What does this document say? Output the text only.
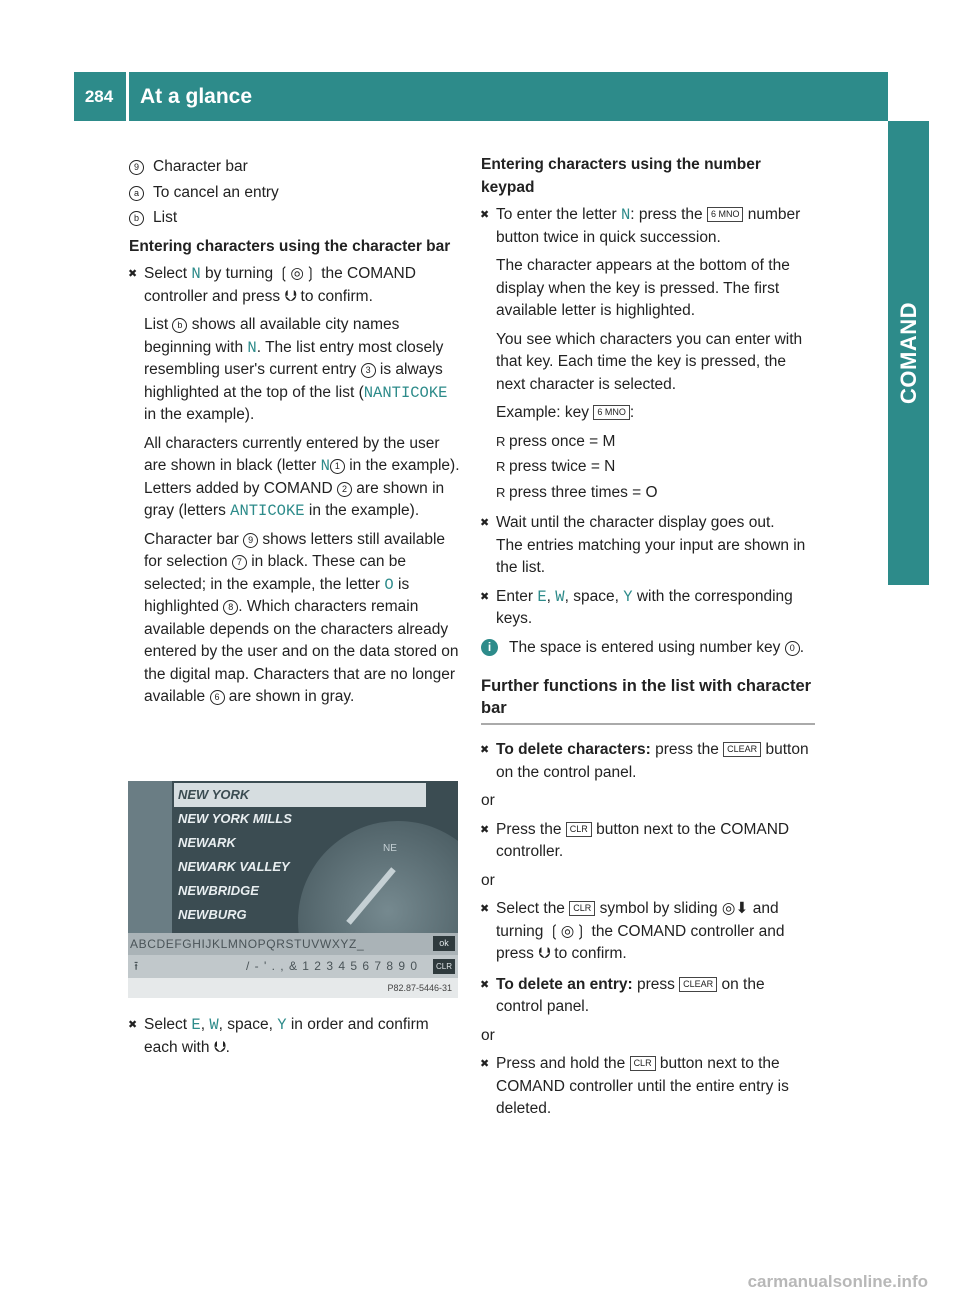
284	At a glance
COMAND

9 Character bar

a To cancel an entry

b List

Entering characters using the character bar

✖ Select N by turning ❲◎❳ the COMAND controller and press ⮋ to confirm.

List b shows all available city names beginning with N. The list entry most closely resembling user's current entry 3 is always highlighted at the top of the list (NANTICOKE in the example).

All characters currently entered by the user are shown in black (letter N 1 in the example). Letters added by COMAND 2 are shown in gray (letters ANTICOKE in the example).

Character bar 9 shows letters still available for selection 7 in black. These can be selected; in the example, the letter O is highlighted 8 . Which characters remain available depends on the characters already entered by the user and on the data stored on the digital map. Characters that are no longer available 6 are shown in gray.

NE
NEW YORK
NEW YORK MILLS
NEWARK
NEWARK VALLEY
NEWBRIDGE
NEWBURG
ABCDEFGHIJKLMNOPQRSTUVWXYZ_	ok
⭱	/ - ' . , & 1 2 3 4 5 6 7 8 9 0	CLR
P82.87-5446-31

✖ Select E, W, space, Y in order and confirm each with ⮋.

Entering characters using the number keypad

✖ To enter the letter N: press the 6 MNO number button twice in quick succession.

The character appears at the bottom of the display when the key is pressed. The first available letter is highlighted.

You see which characters you can enter with that key. Each time the key is pressed, the next character is selected.

Example: key 6 MNO :

R press once = M

R press twice = N

R press three times = O

✖ Wait until the character display goes out.

The entries matching your input are shown in the list.

✖ Enter E, W, space, Y with the corresponding keys.

i	The space is entered using number key 0 .

Further functions in the list with character bar

✖ To delete characters: press the CLEAR button on the control panel.

or

✖ Press the CLR button next to the COMAND controller.

or

✖ Select the CLR symbol by sliding ◎⬇ and turning ❲◎❳ the COMAND controller and press ⮋ to confirm.

✖ To delete an entry: press CLEAR on the control panel.

or

✖ Press and hold the CLR button next to the COMAND controller until the entire entry is deleted.

carmanualsonline.info
